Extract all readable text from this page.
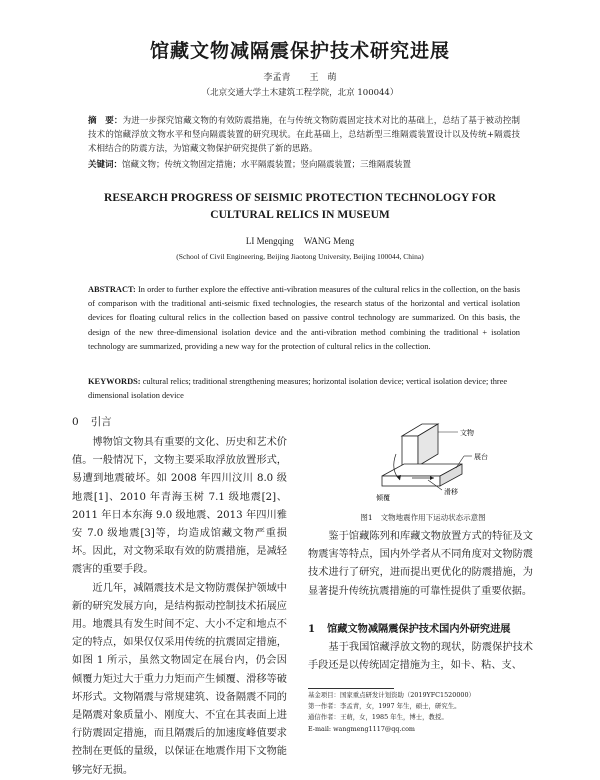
馆藏文物减隔震保护技术研究进展
李孟青 王　萌
（北京交通大学土木建筑工程学院，北京 100044）
摘　要：为进一步探究馆藏文物的有效防震措施，在与传统文物防震固定技术对比的基础上，总结了基于被动控制技术的馆藏浮放文物水平和竖向隔震装置的研究现状。在此基础上，总结新型三维隔震装置设计以及传统+隔震技术相结合的防震方法，为馆藏文物保护研究提供了新的思路。
关键词：馆藏文物；传统文物固定措施；水平隔震装置；竖向隔震装置；三维隔震装置
RESEARCH PROGRESS OF SEISMIC PROTECTION TECHNOLOGY FOR CULTURAL RELICS IN MUSEUM
LI Mengqing WANG Meng
(School of Civil Engineering, Beijing Jiaotong University, Beijing 100044, China)
ABSTRACT: In order to further explore the effective anti-vibration measures of the cultural relics in the collection, on the basis of comparison with the traditional anti-seismic fixed technologies, the research status of the horizontal and vertical isolation devices for floating cultural relics in the collection based on passive control technology are summarized. On this basis, the design of the new three-dimensional isolation device and the anti-vibration method combining the traditional + isolation technology are summarized, providing a new way for the protection of cultural relics in the collection.
KEYWORDS: cultural relics; traditional strengthening measures; horizontal isolation device; vertical isolation device; three dimensional isolation device
0 引言

博物馆文物具有重要的文化、历史和艺术价值。一般情况下，文物主要采取浮放放置形式，易遭到地震破坏。如 2008 年四川汶川 8.0 级地震[1]、2010 年青海玉树 7.1 级地震[2]、2011 年日本东海 9.0 级地震、2013 年四川雅安 7.0 级地震[3]等，均造成馆藏文物严重损坏。因此，对文物采取有效的防震措施，是减轻震害的重要手段。

近几年，减隔震技术是文物防震保护领域中新的研究发展方向，是结构振动控制技术拓展应用。地震具有发生时间不定、大小不定和地点不定的特点，如果仅仅采用传统的抗震固定措施，如图 1 所示，虽然文物固定在展台内，仍会因倾覆力矩过大于重力力矩而产生倾覆、滑移等破坏形式。文物隔震与常规建筑、设备隔震不同的是隔震对象质量小、刚度大、不宜在其表面上进行防震固定措施，而且隔震后的加速度峰值要求控制在更低的量级，以保证在地震作用下文物能够完好无损。

文物
展台
滑移
倾覆
图1 文物地震作用下运动状态示意图

鉴于馆藏陈列和库藏文物放置方式的特征及文物震害等特点，国内外学者从不同角度对文物防震技术进行了研究，进而提出更优化的防震措施，为显著提升传统抗震措施的可靠性提供了重要依据。

1 馆藏文物减隔震保护技术国内外研究进展

基于我国馆藏浮放文物的现状，防震保护技术手段还是以传统固定措施为主，如卡、粘、支、

基金项目：国家重点研发计划资助（2019YFC1520000）
第一作者：李孟青，女，1997 年生，硕士，研究生。
通信作者：王萌，女，1985 年生，博士，教授。
E-mail: wangmeng1117@qq.com
